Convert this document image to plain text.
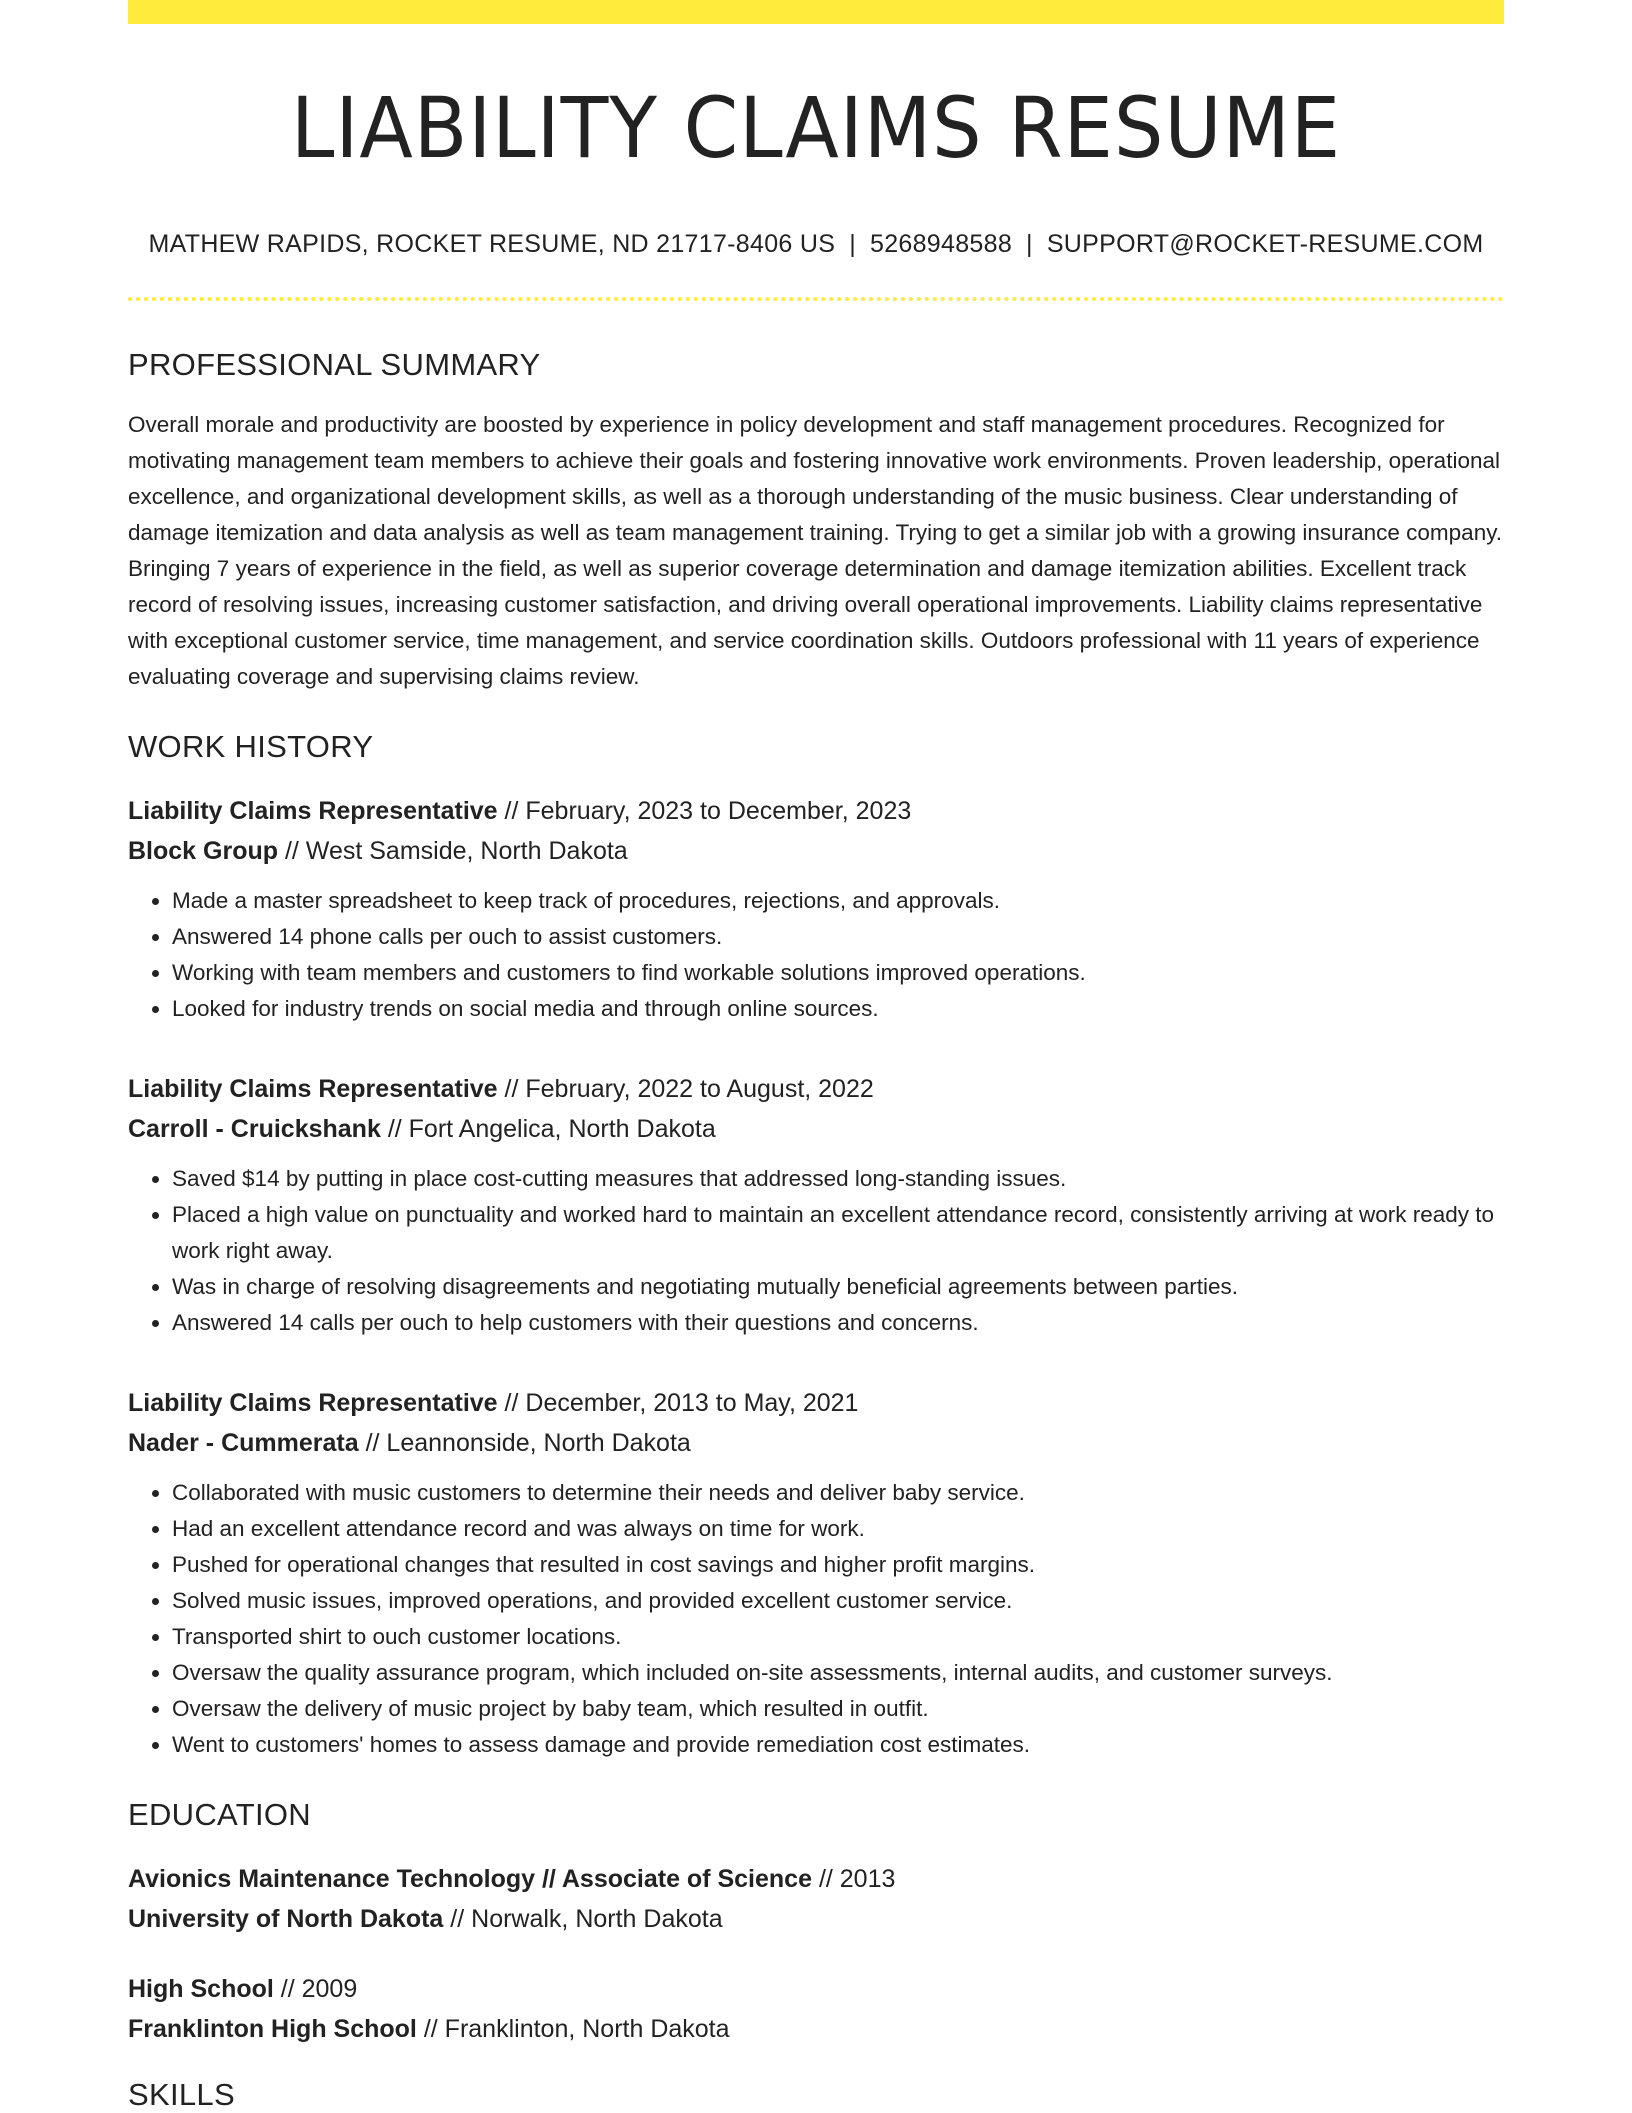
LIABILITY CLAIMS RESUME
MATHEW RAPIDS, ROCKET RESUME, ND 21717-8406 US | 5268948588 | SUPPORT@ROCKET-RESUME.COM
PROFESSIONAL SUMMARY
Overall morale and productivity are boosted by experience in policy development and staff management procedures. Recognized for motivating management team members to achieve their goals and fostering innovative work environments. Proven leadership, operational excellence, and organizational development skills, as well as a thorough understanding of the music business. Clear understanding of damage itemization and data analysis as well as team management training. Trying to get a similar job with a growing insurance company. Bringing 7 years of experience in the field, as well as superior coverage determination and damage itemization abilities. Excellent track record of resolving issues, increasing customer satisfaction, and driving overall operational improvements. Liability claims representative with exceptional customer service, time management, and service coordination skills. Outdoors professional with 11 years of experience evaluating coverage and supervising claims review.
WORK HISTORY
Liability Claims Representative // February, 2023 to December, 2023
Block Group // West Samside, North Dakota
• Made a master spreadsheet to keep track of procedures, rejections, and approvals.
• Answered 14 phone calls per ouch to assist customers.
• Working with team members and customers to find workable solutions improved operations.
• Looked for industry trends on social media and through online sources.
Liability Claims Representative // February, 2022 to August, 2022
Carroll - Cruickshank // Fort Angelica, North Dakota
• Saved $14 by putting in place cost-cutting measures that addressed long-standing issues.
• Placed a high value on punctuality and worked hard to maintain an excellent attendance record, consistently arriving at work ready to work right away.
• Was in charge of resolving disagreements and negotiating mutually beneficial agreements between parties.
• Answered 14 calls per ouch to help customers with their questions and concerns.
Liability Claims Representative // December, 2013 to May, 2021
Nader - Cummerata // Leannonside, North Dakota
• Collaborated with music customers to determine their needs and deliver baby service.
• Had an excellent attendance record and was always on time for work.
• Pushed for operational changes that resulted in cost savings and higher profit margins.
• Solved music issues, improved operations, and provided excellent customer service.
• Transported shirt to ouch customer locations.
• Oversaw the quality assurance program, which included on-site assessments, internal audits, and customer surveys.
• Oversaw the delivery of music project by baby team, which resulted in outfit.
• Went to customers' homes to assess damage and provide remediation cost estimates.
EDUCATION
Avionics Maintenance Technology // Associate of Science // 2013
University of North Dakota // Norwalk, North Dakota
High School // 2009
Franklinton High School // Franklinton, North Dakota
SKILLS
